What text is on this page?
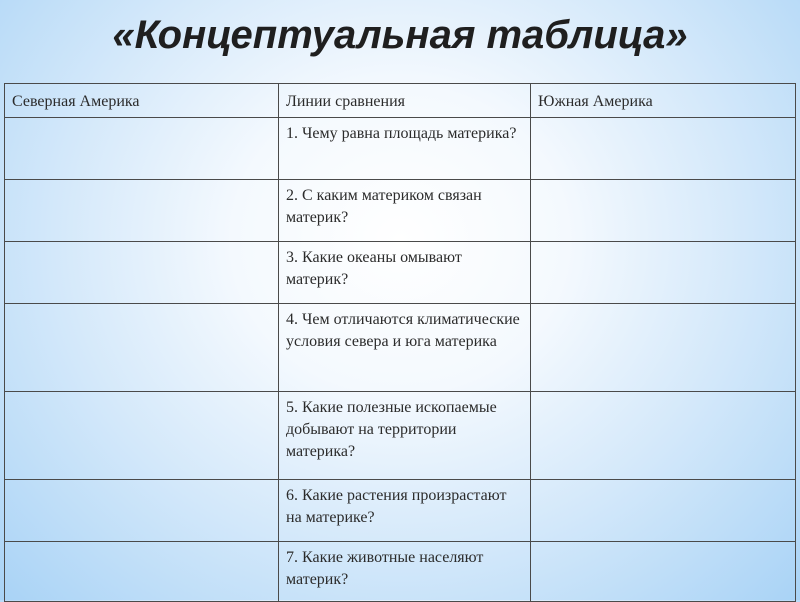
«Концептуальная таблица»
Северная Америка	Линии сравнения	Южная Америка
	1. Чему равна площадь материка?	
	2. С каким материком связан материк?	
	3. Какие океаны омывают материк?	
	4. Чем отличаются климатические условия севера и юга материка	
	5. Какие полезные ископаемые добывают на территории материка?	
	6. Какие растения произрастают на материке?	
	7. Какие животные населяют материк?	
